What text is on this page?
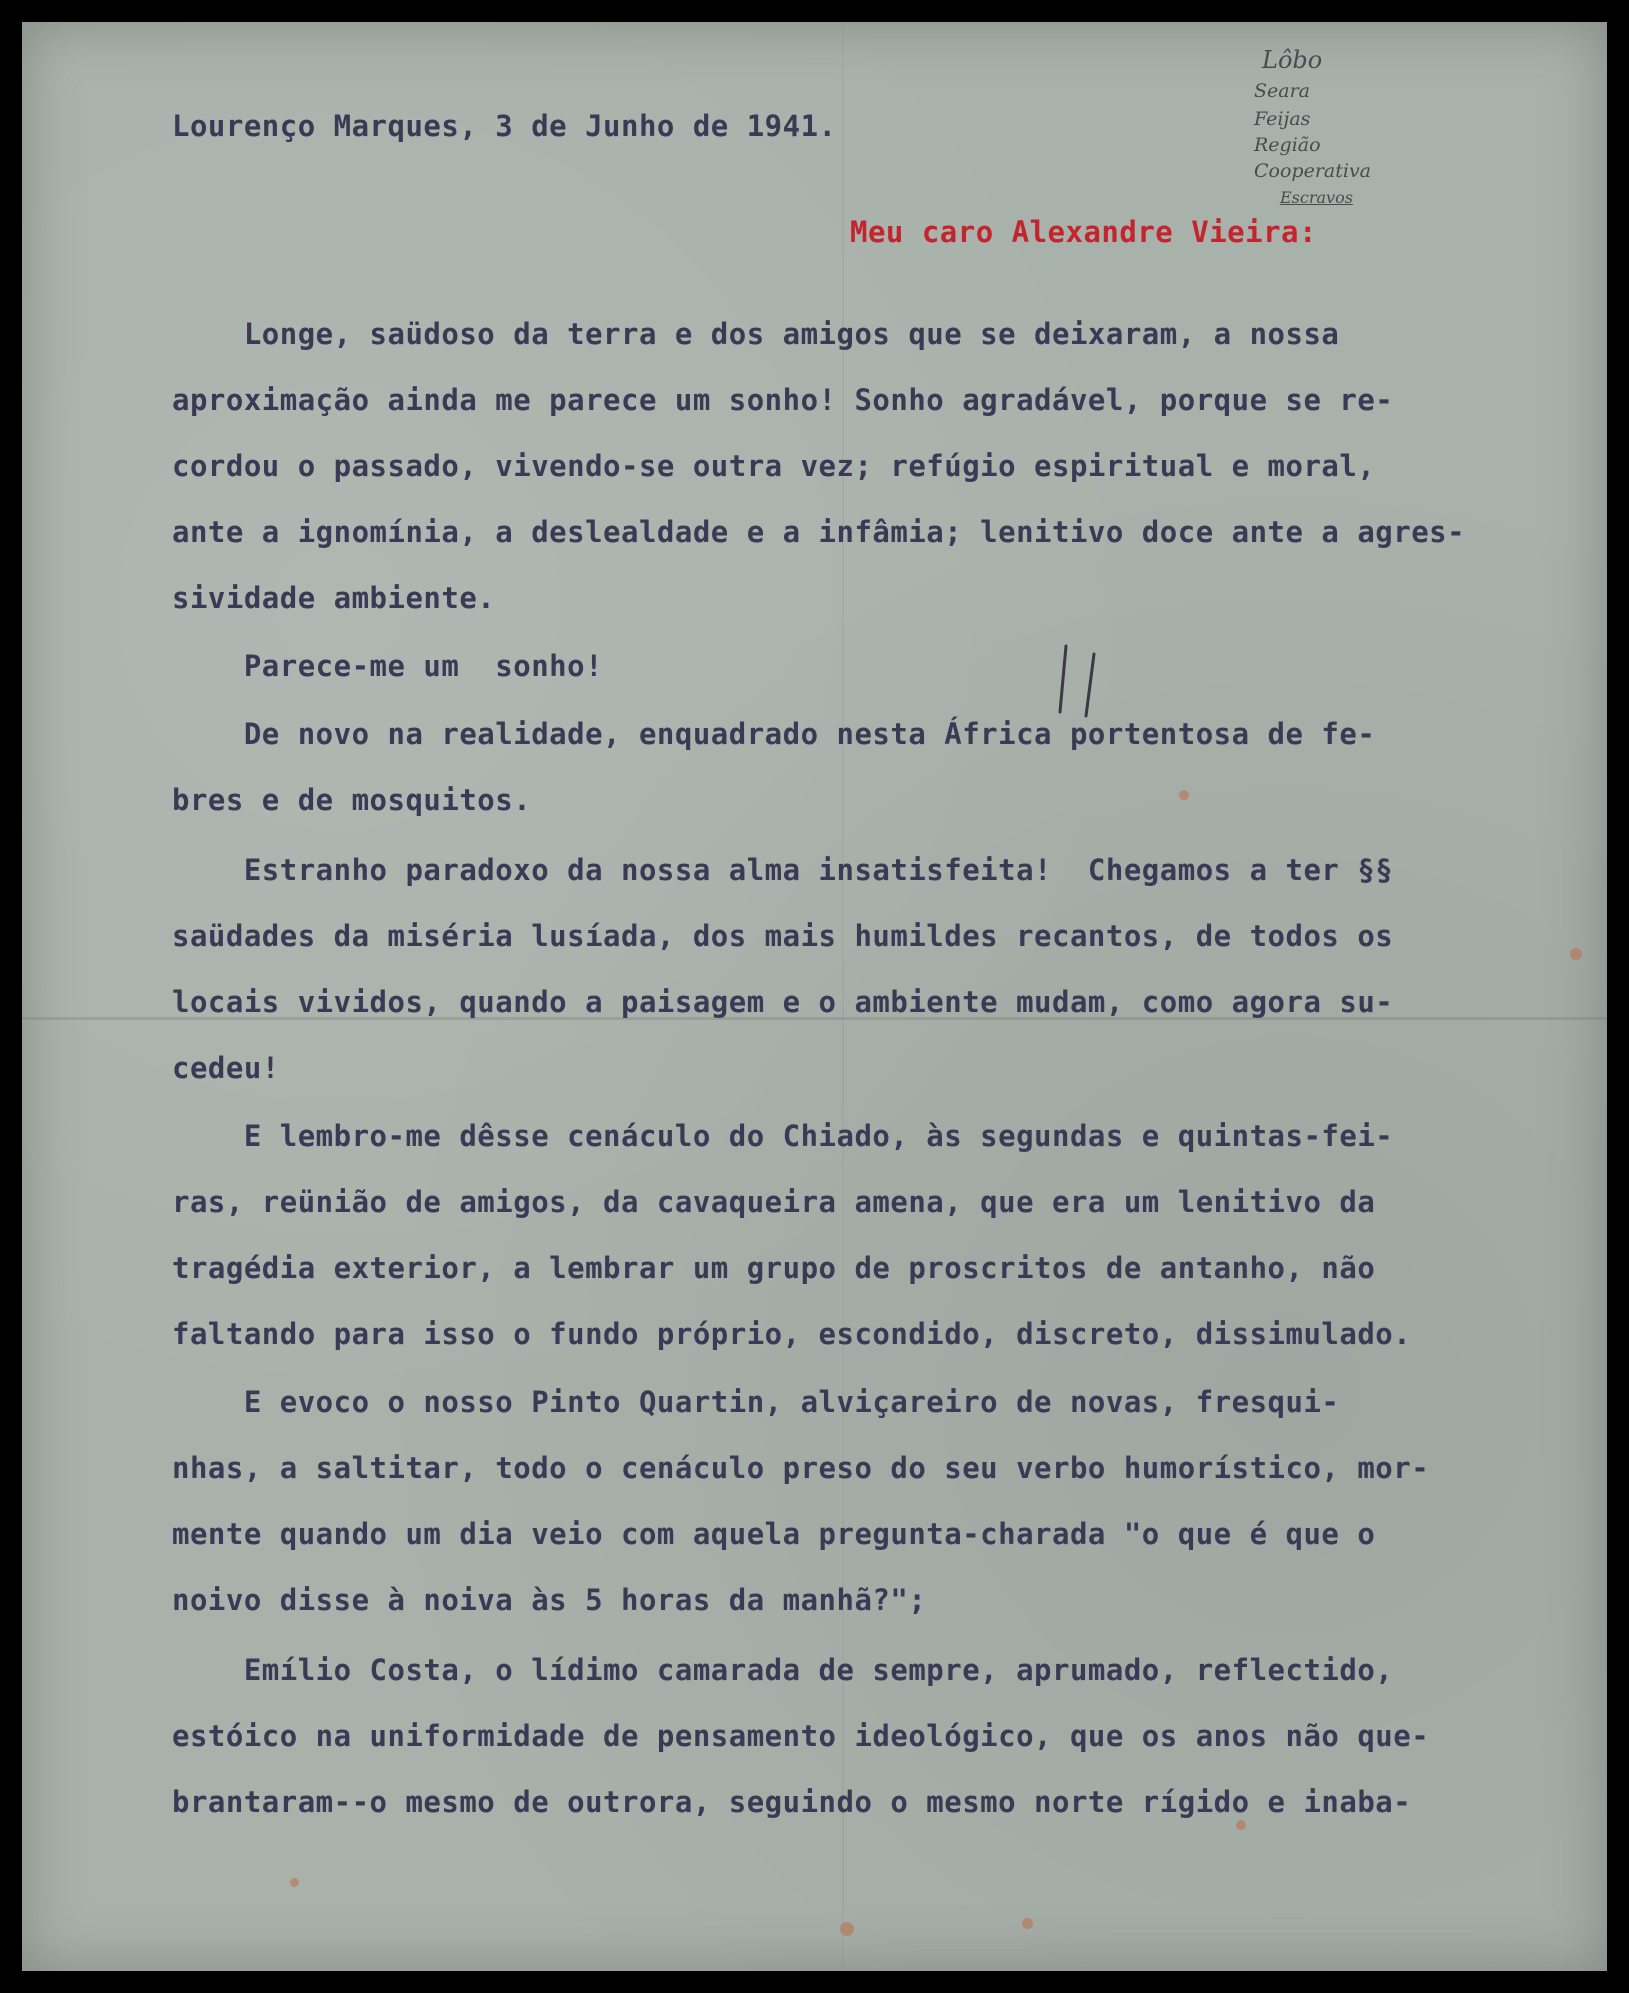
Lôbo
Seara
Feijas
Região
Cooperativa
Escravos
Lourenço Marques, 3 de Junho de 1941.
Meu caro Alexandre Vieira:
Longe, saüdoso da terra e dos amigos que se deixaram, a nossa
aproximação ainda me parece um sonho! Sonho agradável, porque se re-
cordou o passado, vivendo-se outra vez; refúgio espiritual e moral,
ante a ignomínia, a deslealdade e a infâmia; lenitivo doce ante a agres-
sividade ambiente.
Parece-me um  sonho!
De novo na realidade, enquadrado nesta África portentosa de fe-
bres e de mosquitos.
Estranho paradoxo da nossa alma insatisfeita!  Chegamos a ter §§
saüdades da miséria lusíada, dos mais humildes recantos, de todos os
locais vividos, quando a paisagem e o ambiente mudam, como agora su-
cedeu!
E lembro-me dêsse cenáculo do Chiado, às segundas e quintas-fei-
ras, reünião de amigos, da cavaqueira amena, que era um lenitivo da
tragédia exterior, a lembrar um grupo de proscritos de antanho, não
faltando para isso o fundo próprio, escondido, discreto, dissimulado.
E evoco o nosso Pinto Quartin, alviçareiro de novas, fresqui-
nhas, a saltitar, todo o cenáculo preso do seu verbo humorístico, mor-
mente quando um dia veio com aquela pregunta-charada "o que é que o
noivo disse à noiva às 5 horas da manhã?";
Emílio Costa, o lídimo camarada de sempre, aprumado, reflectido,
estóico na uniformidade de pensamento ideológico, que os anos não que-
brantaram--o mesmo de outrora, seguindo o mesmo norte rígido e inaba-
